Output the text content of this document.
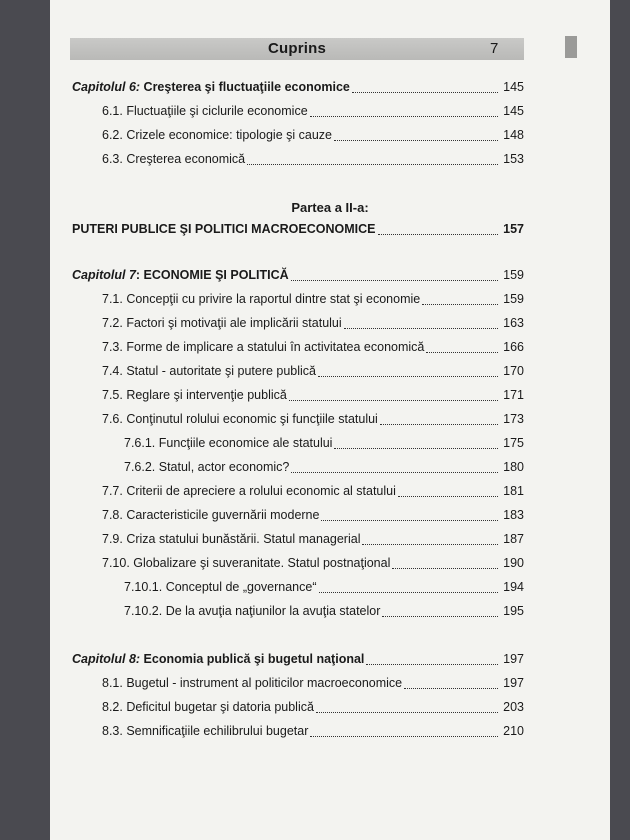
Cuprins	7
Capitolul 6: Creşterea şi fluctuaţiile economice	145
6.1. Fluctuaţiile şi ciclurile economice	145
6.2. Crizele economice: tipologie şi cauze	148
6.3. Creşterea economică	153
Partea a II-a:
PUTERI PUBLICE ŞI POLITICI MACROECONOMICE	157
Capitolul 7: ECONOMIE ŞI POLITICĂ	159
7.1. Concepţii cu privire la raportul dintre stat şi economie	159
7.2. Factori şi motivaţii ale implicării statului	163
7.3. Forme de implicare a statului în activitatea economică	166
7.4. Statul - autoritate şi putere publică	170
7.5. Reglare şi intervenţie publică	171
7.6. Conţinutul rolului economic şi funcţiile statului	173
7.6.1. Funcţiile economice ale statului	175
7.6.2. Statul, actor economic?	180
7.7. Criterii de apreciere a rolului economic al statului	181
7.8. Caracteristicile guvernării moderne	183
7.9. Criza statului bunăstării. Statul managerial	187
7.10. Globalizare şi suveranitate. Statul postnaţional	190
7.10.1. Conceptul de „governance“	194
7.10.2. De la avuţia naţiunilor la avuţia statelor	195
Capitolul 8: Economia publică şi bugetul naţional	197
8.1. Bugetul - instrument al politicilor macroeconomice	197
8.2. Deficitul bugetar şi datoria publică	203
8.3. Semnificaţiile echilibrului bugetar	210
